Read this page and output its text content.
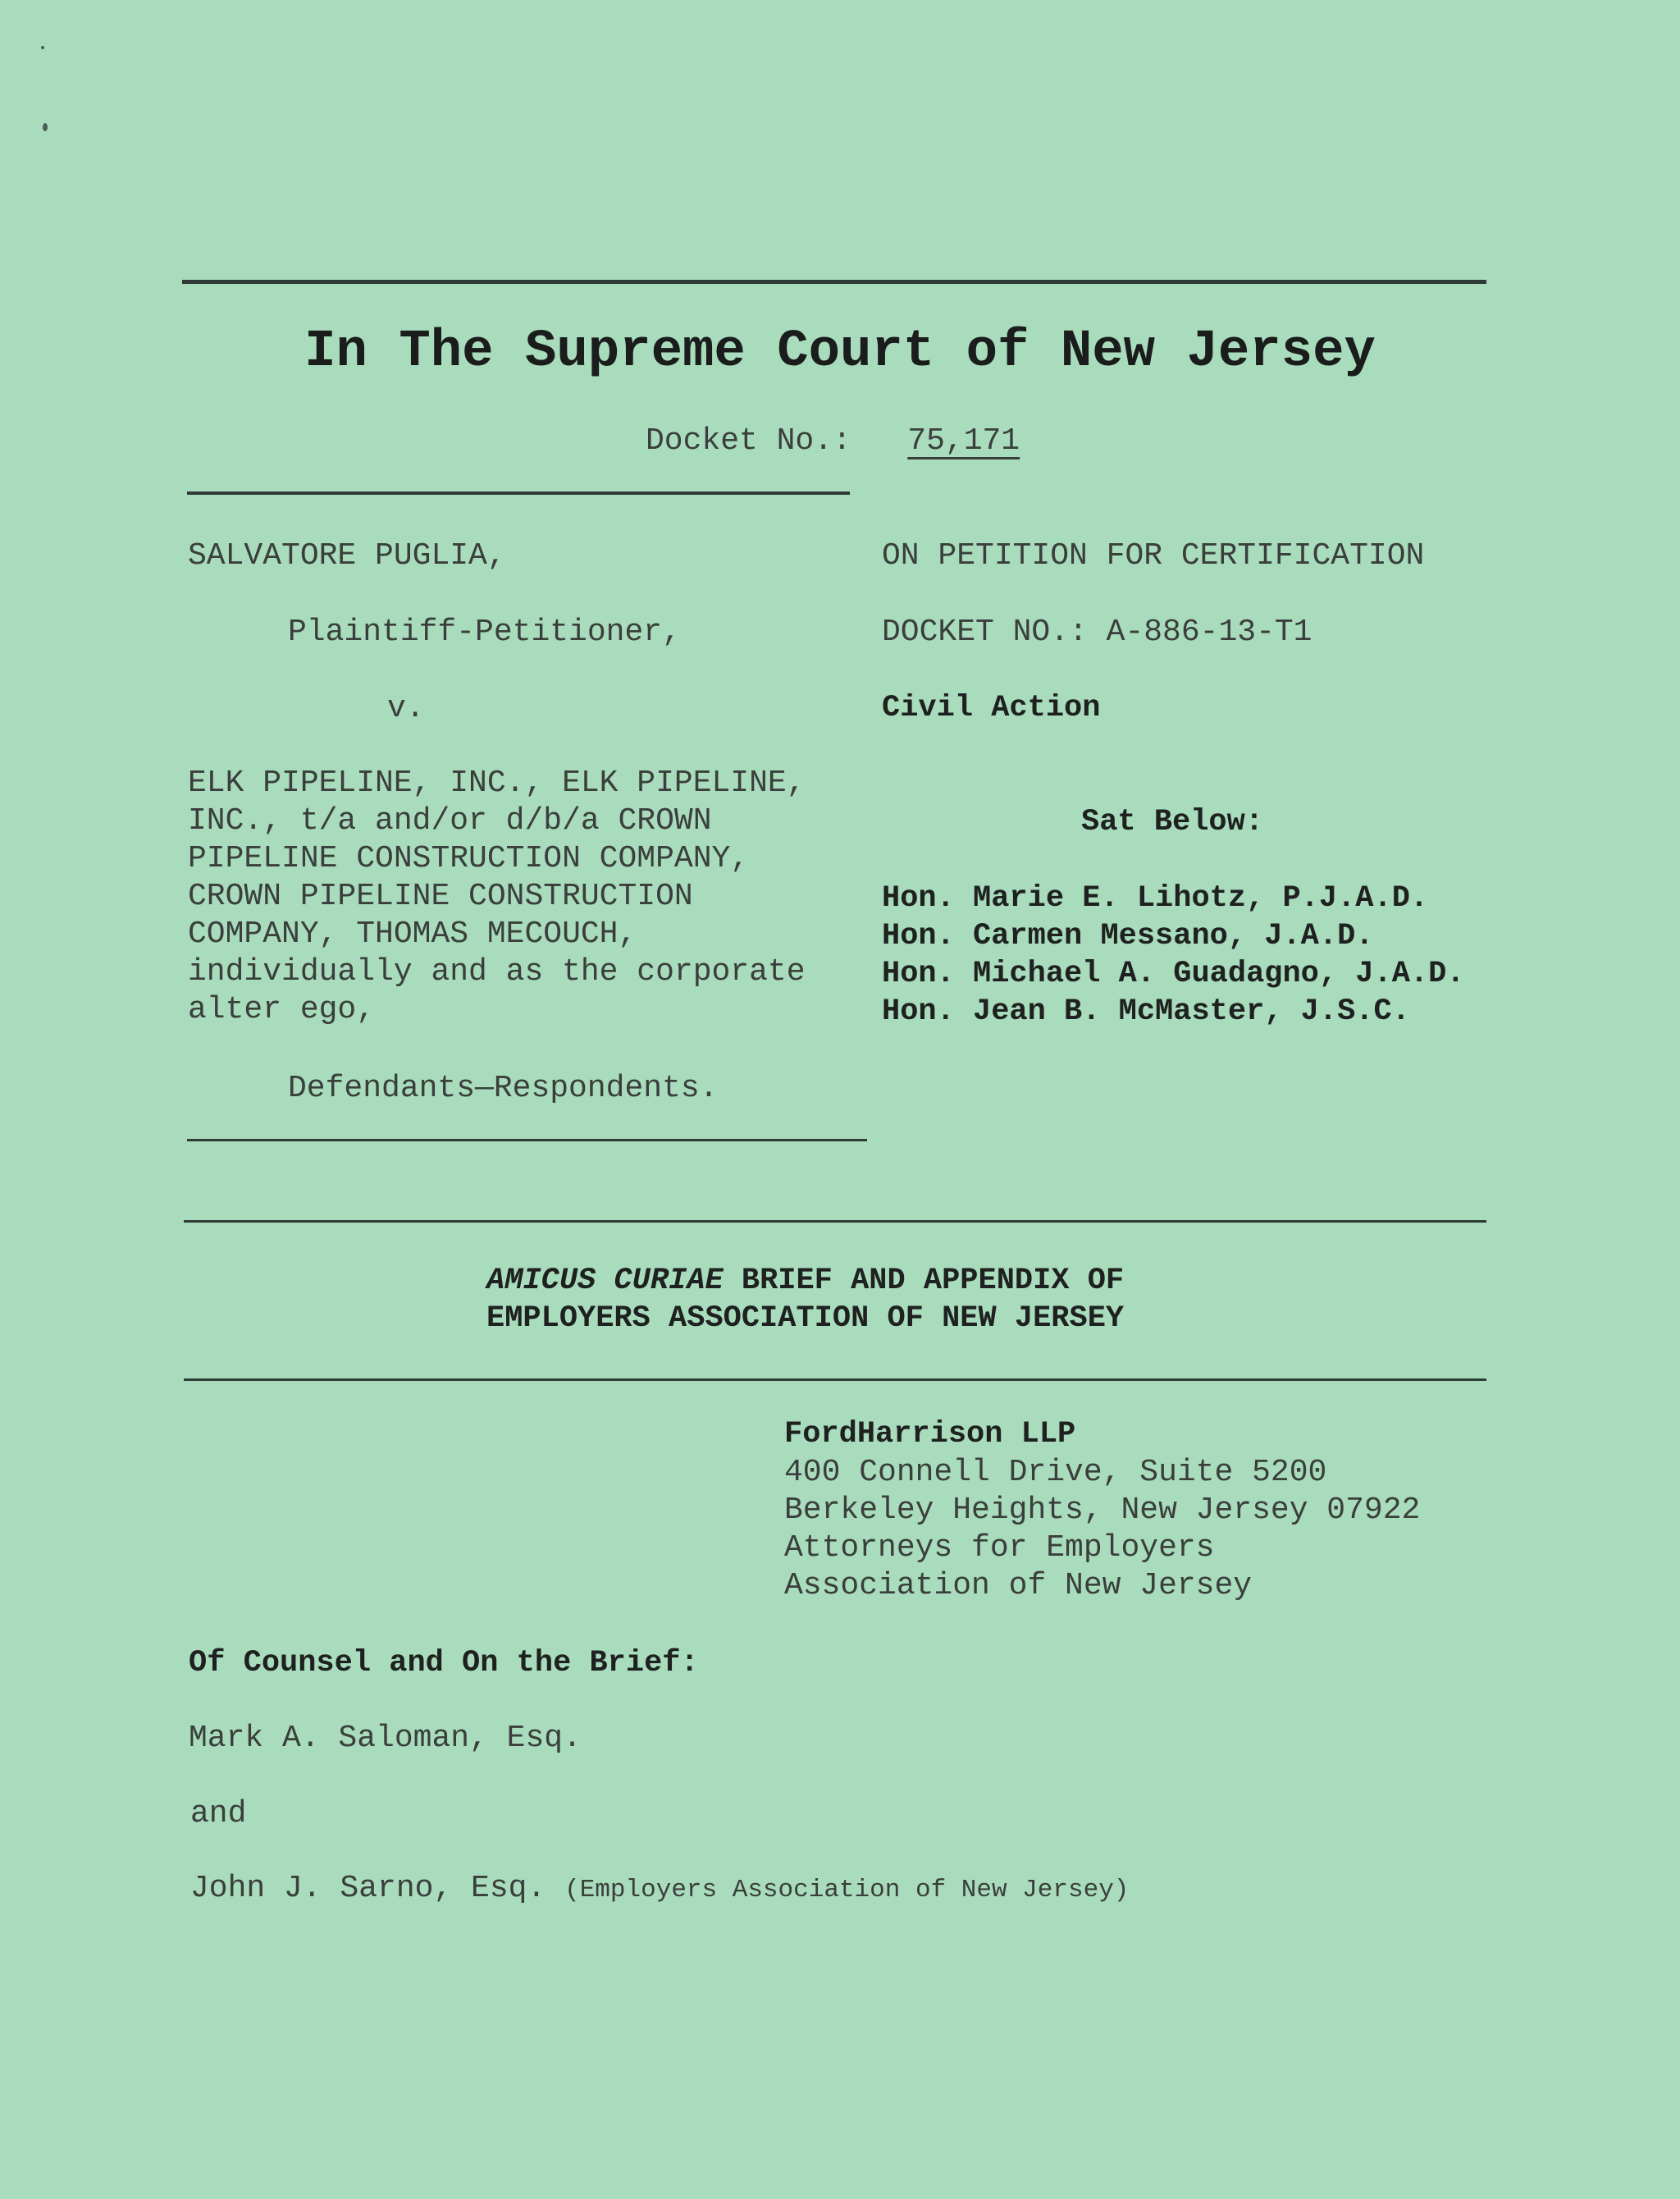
In The Supreme Court of New Jersey
Docket No.: 75,171
SALVATORE PUGLIA,
Plaintiff-Petitioner,
v.
ELK PIPELINE, INC., ELK PIPELINE,
INC., t/a and/or d/b/a CROWN
PIPELINE CONSTRUCTION COMPANY,
CROWN PIPELINE CONSTRUCTION
COMPANY, THOMAS MECOUCH,
individually and as the corporate
alter ego,
Defendants—Respondents.
ON PETITION FOR CERTIFICATION
DOCKET NO.: A-886-13-T1
Civil Action
Sat Below:
Hon. Marie E. Lihotz, P.J.A.D.
Hon. Carmen Messano, J.A.D.
Hon. Michael A. Guadagno, J.A.D.
Hon. Jean B. McMaster, J.S.C.
AMICUS CURIAE BRIEF AND APPENDIX OF
EMPLOYERS ASSOCIATION OF NEW JERSEY
FordHarrison LLP
400 Connell Drive, Suite 5200
Berkeley Heights, New Jersey 07922
Attorneys for Employers
Association of New Jersey
Of Counsel and On the Brief:
Mark A. Saloman, Esq.
and
John J. Sarno, Esq. (Employers Association of New Jersey)
